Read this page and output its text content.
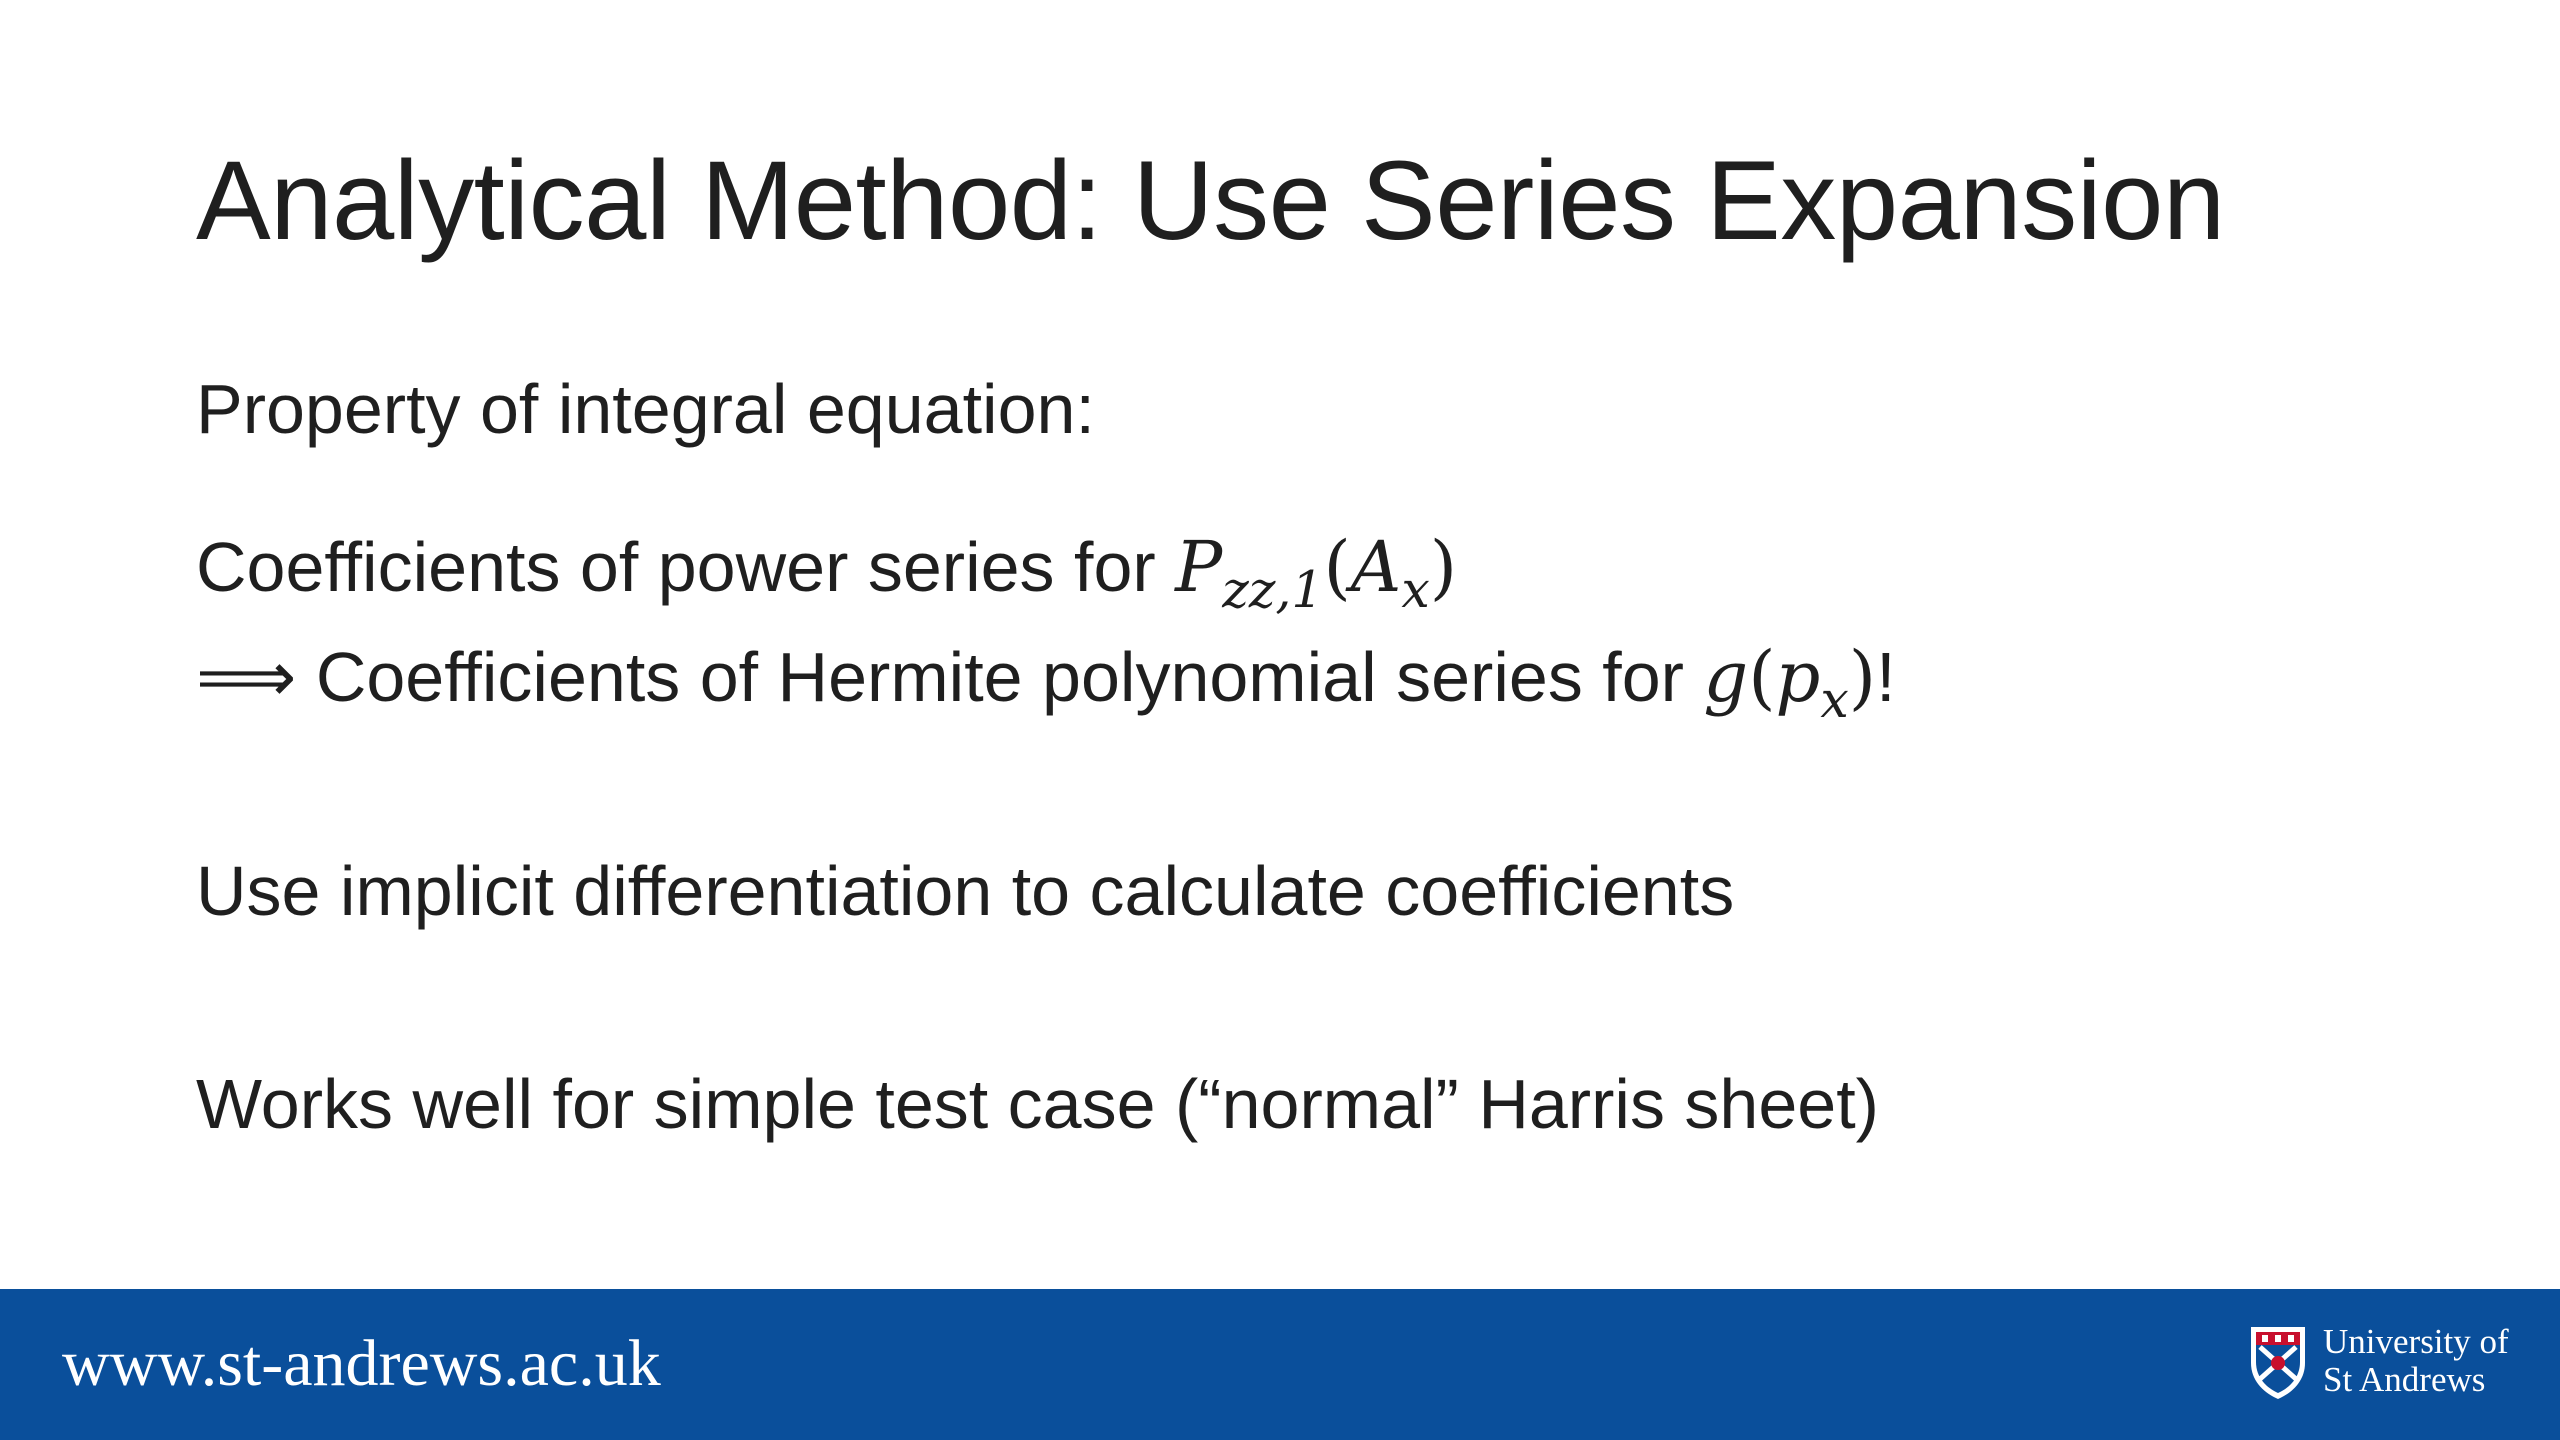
Analytical Method: Use Series Expansion
Property of integral equation:
Coefficients of power series for $P_{zz,1}(A_x)$
⟹ Coefficients of Hermite polynomial series for $g(p_x)$!
Use implicit differentiation to calculate coefficients
Works well for simple test case (“normal” Harris sheet)
www.st-andrews.ac.uk	University of
St Andrews
